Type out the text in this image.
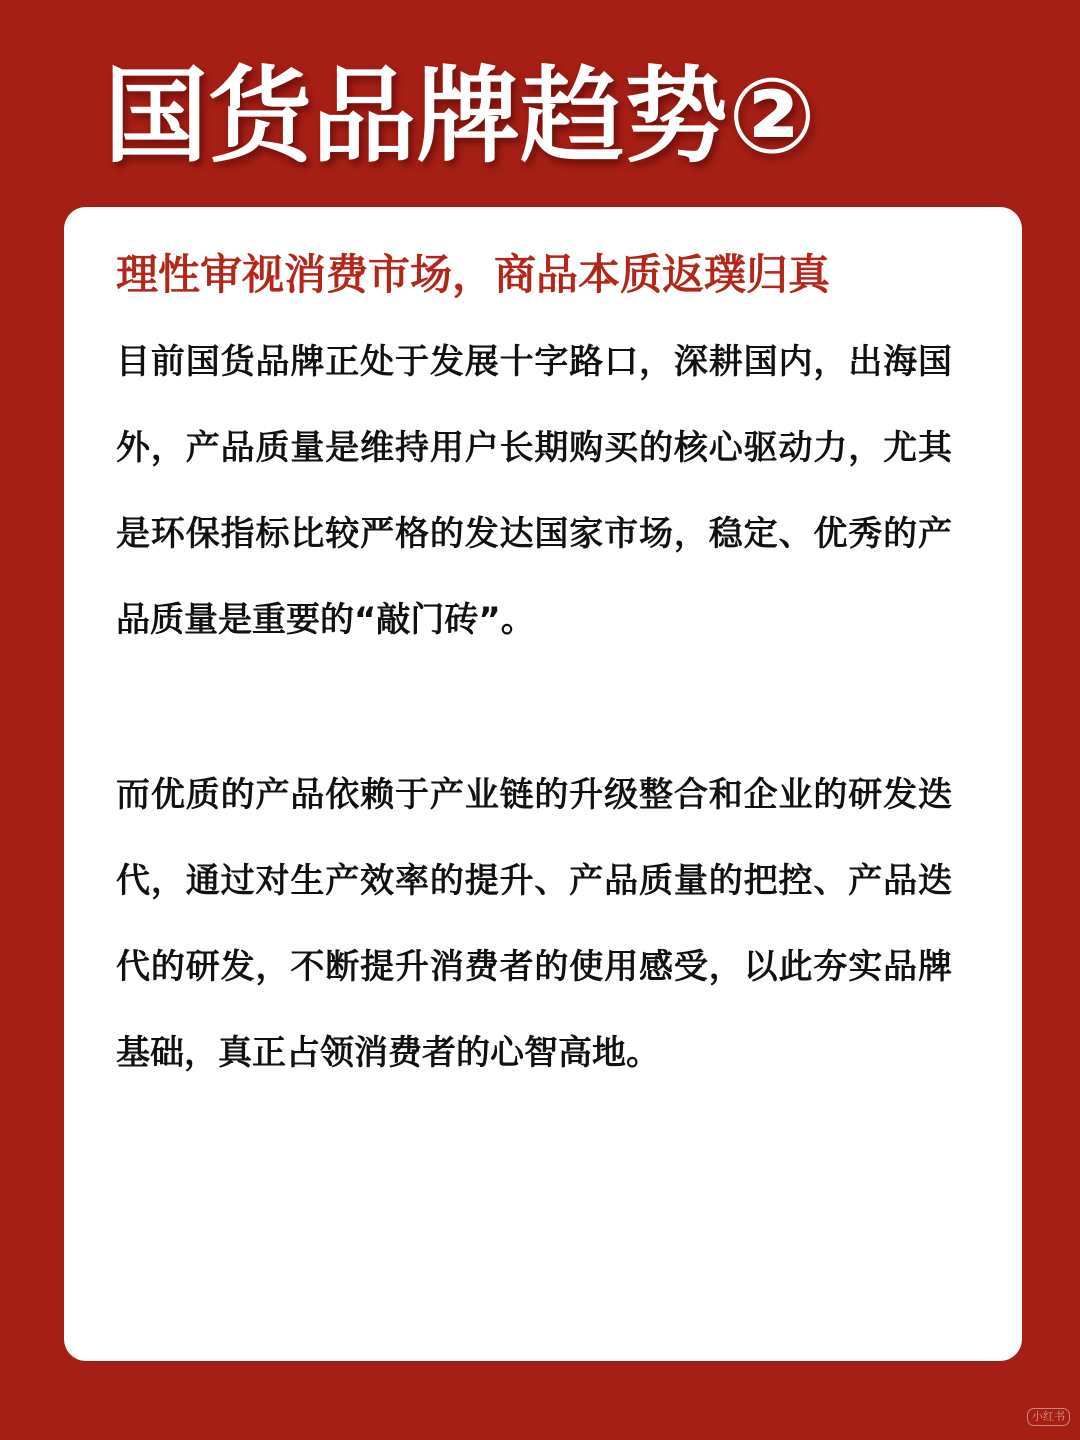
国货品牌趋势②
理性审视消费市场，商品本质返璞归真

目前国货品牌正处于发展十字路口，深耕国内，出海国外，产品质量是维持用户长期购买的核心驱动力，尤其是环保指标比较严格的发达国家市场，稳定、优秀的产品质量是重要的“敲门砖”。

而优质的产品依赖于产业链的升级整合和企业的研发迭代，通过对生产效率的提升、产品质量的把控、产品迭代的研发，不断提升消费者的使用感受，以此夯实品牌基础，真正占领消费者的心智高地。

小红书
